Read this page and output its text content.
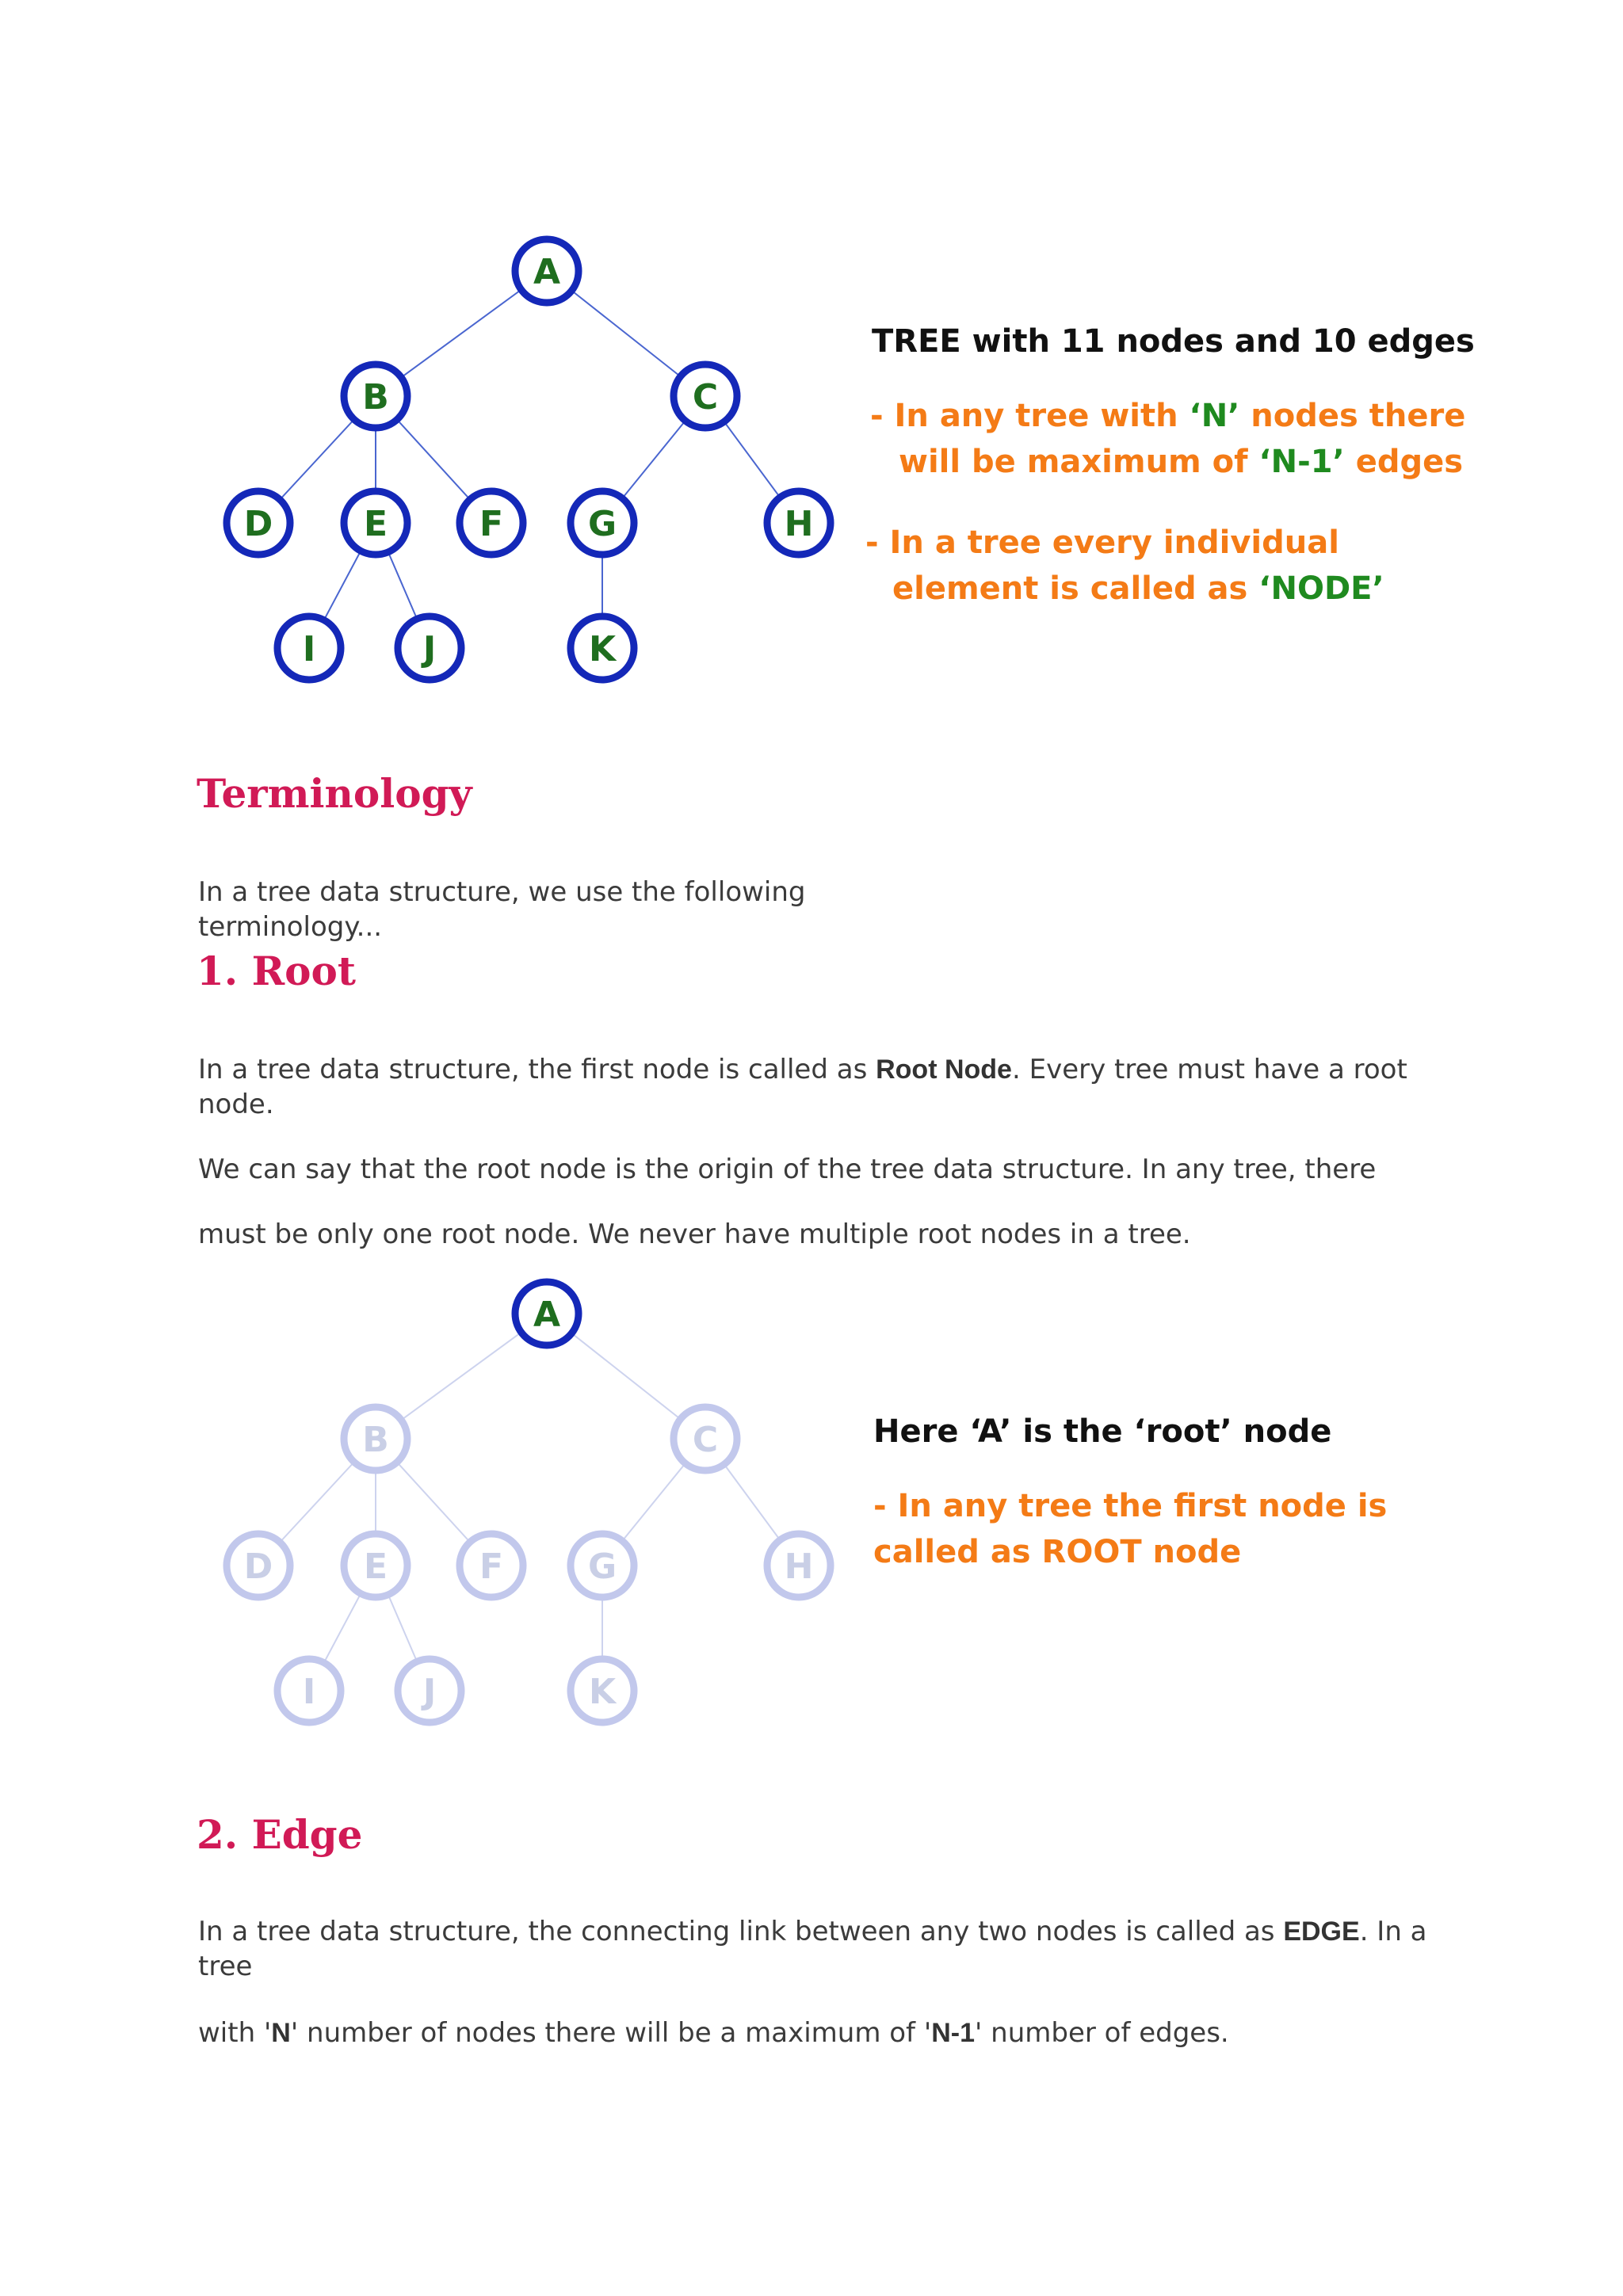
A
B	C
D	E	F G	H
I	J	K
TREE with 11 nodes and 10 edges
- In any tree with ‘N’ nodes there
will be maximum of ‘N-1’ edges
- In a tree every individual
element is called as ‘NODE’
Terminology

In a tree data structure, we use the following
terminology...

1. Root

In a tree data structure, the first node is called as Root Node. Every tree must have a root
node.

We can say that the root node is the origin of the tree data structure. In any tree, there

must be only one root node. We never have multiple root nodes in a tree.

A
B	C
D	E	F G	H
I	J	K
Here ‘A’ is the ‘root’ node
- In any tree the first node is
called as ROOT node
2. Edge

In a tree data structure, the connecting link between any two nodes is called as EDGE. In a
tree

with 'N' number of nodes there will be a maximum of 'N-1' number of edges.
